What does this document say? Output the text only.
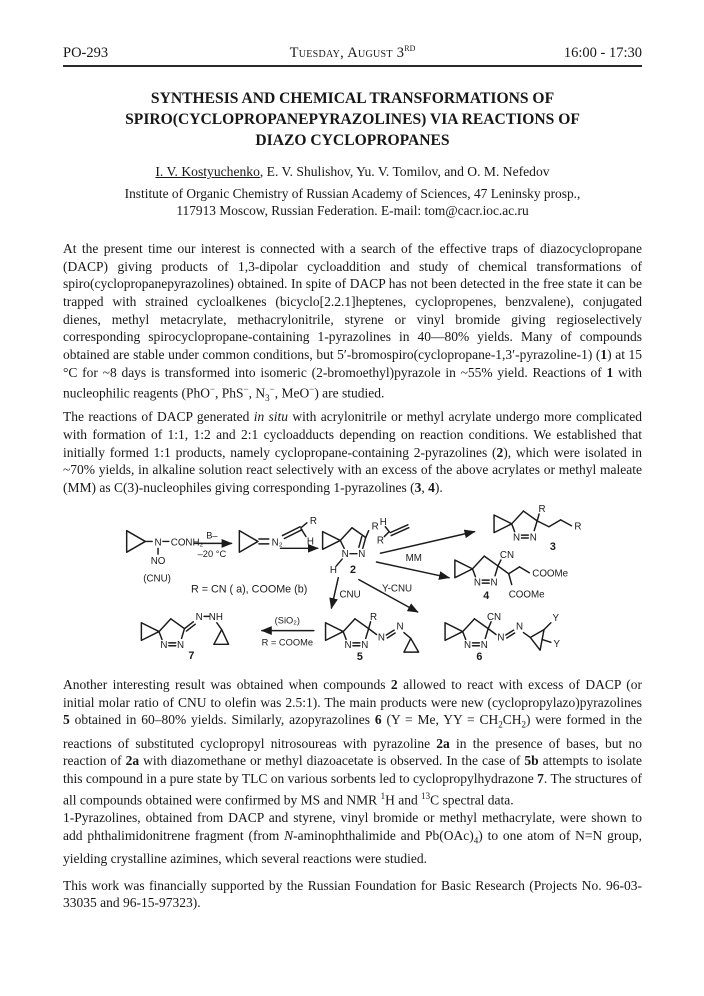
PO-293	Tuesday, August 3RD	16:00 - 17:30
SYNTHESIS AND CHEMICAL TRANSFORMATIONS OF
SPIRO(CYCLOPROPANEPYRAZOLINES) VIA REACTIONS OF
DIAZO CYCLOPROPANES

I. V. Kostyuchenko, E. V. Shulishov, Yu. V. Tomilov, and O. M. Nefedov

Institute of Organic Chemistry of Russian Academy of Sciences, 47 Leninsky prosp.,
117913 Moscow, Russian Federation. E-mail: tom@cacr.ioc.ac.ru

At the present time our interest is connected with a search of the effective traps of diazocyclopropane (DACP) giving products of 1,3-dipolar cycloaddition and study of chemical transformations of spiro(cyclopropanepyrazolines) obtained. In spite of DACP has not been detected in the free state it can be trapped with strained cycloalkenes (bicyclo[2.2.1]heptenes, cyclopropenes, benzvalene), conjugated dienes, methyl metacrylate, methacrylonitrile, styrene or vinyl bromide giving regioselectively corresponding spirocyclopropane-containing 1-pyrazolines in 40—80% yields. Many of compounds obtained are stable under common conditions, but 5′-bromospiro(cyclopropane-1,3′-pyrazoline-1) (1) at 15 °C for ~8 days is transformed into isomeric (2-bromoethyl)pyrazole in ~55% yield. Reactions of 1 with nucleophilic reagents (PhO−, PhS−, $N_3^-$, MeO−) are studied.

The reactions of DACP generated in situ with acrylonitrile or methyl acrylate undergo more complicated with formation of 1:1, 1:2 and 2:1 cycloadducts depending on reaction conditions. We established that initially formed 1:1 products, namely cyclopropane-containing 2-pyrazolines (2), which were isolated in ~70% yields, in alkaline solution react selectively with an excess of the above acrylates or methyl maleate (MM) as C(3)-nucleophiles giving corresponding 1-pyrazolines (3, 4).

N CONH₂
NO
(CNU)
B–
–20 °C
N₂
R
H
N N
R
H 2
H
R	N N
R
R
3
MM
N N
CN
COOMe
COOMe
4
R = CN ( a), COOMe (b)	CNU
Y-CNU
N N
N NH
7
(SiO₂)
R = COOMe	N N
R
N
N
5
N N
CN
N
N
Y
Y
6

Another interesting result was obtained when compounds 2 allowed to react with excess of DACP (or initial molar ratio of CNU to olefin was 2.5:1). The main products were new (cyclopropylazo)pyrazolines 5 obtained in 60–80% yields. Similarly, azopyrazolines 6 (Y = Me, YY = $CH_2CH_2$) were formed in the reactions of substituted cyclopropyl nitrosoureas with pyrazoline 2a in the presence of bases, but no reaction of 2a with diazomethane or methyl diazoacetate is observed. In the case of 5b attempts to isolate this compound in a pure state by TLC on various sorbents led to cyclopropylhydrazone 7. The structures of all compounds obtained were confirmed by MS and NMR $^1$H and $^{13}$C spectral data.

1-Pyrazolines, obtained from DACP and styrene, vinyl bromide or methyl methacrylate, were shown to add phthalimidonitrene fragment (from N-aminophthalimide and $Pb(OAc)_4$) to one atom of N=N group, yielding crystalline azimines, which several reactions were studied.

This work was financially supported by the Russian Foundation for Basic Research (Projects No. 96-03-33035 and 96-15-97323).
